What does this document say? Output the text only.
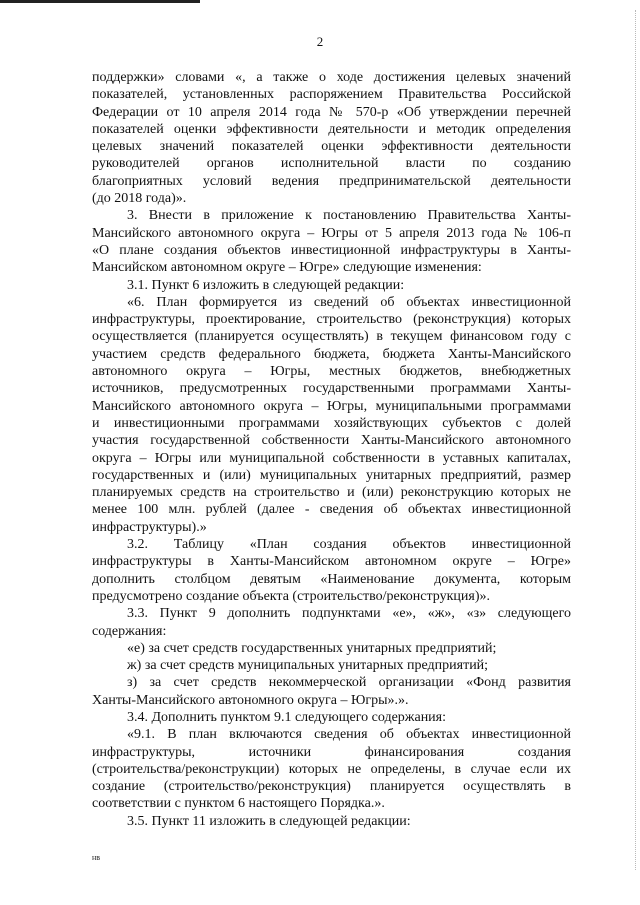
2
поддержки» словами «, а также о ходе достижения целевых значений
показателей, установленных распоряжением Правительства Российской
Федерации от 10 апреля 2014 года № 570-р «Об утверждении перечней
показателей оценки эффективности деятельности и методик определения
целевых значений показателей оценки эффективности деятельности
руководителей органов исполнительной власти по созданию
благоприятных условий ведения предпринимательской деятельности
(до 2018 года)».
3. Внести в приложение к постановлению Правительства Ханты-
Мансийского автономного округа – Югры от 5 апреля 2013 года № 106-п
«О плане создания объектов инвестиционной инфраструктуры в Ханты-
Мансийском автономном округе – Югре» следующие изменения:
3.1. Пункт 6 изложить в следующей редакции:
«6. План формируется из сведений об объектах инвестиционной
инфраструктуры, проектирование, строительство (реконструкция) которых
осуществляется (планируется осуществлять) в текущем финансовом году с
участием средств федерального бюджета, бюджета Ханты-Мансийского
автономного округа – Югры, местных бюджетов, внебюджетных
источников, предусмотренных государственными программами Ханты-
Мансийского автономного округа – Югры, муниципальными программами
и инвестиционными программами хозяйствующих субъектов с долей
участия государственной собственности Ханты-Мансийского автономного
округа – Югры или муниципальной собственности в уставных капиталах,
государственных и (или) муниципальных унитарных предприятий, размер
планируемых средств на строительство и (или) реконструкцию которых не
менее 100 млн. рублей (далее - сведения об объектах инвестиционной
инфраструктуры).»
3.2. Таблицу «План создания объектов инвестиционной
инфраструктуры в Ханты-Мансийском автономном округе – Югре»
дополнить столбцом девятым «Наименование документа, которым
предусмотрено создание объекта (строительство/реконструкция)».
3.3. Пункт 9 дополнить подпунктами «е», «ж», «з» следующего
содержания:
«е) за счет средств государственных унитарных предприятий;
ж) за счет средств муниципальных унитарных предприятий;
з) за счет средств некоммерческой организации «Фонд развития
Ханты-Мансийского автономного округа – Югры».».
3.4. Дополнить пунктом 9.1 следующего содержания:
«9.1. В план включаются сведения об объектах инвестиционной
инфраструктуры, источники финансирования создания
(строительства/реконструкции) которых не определены, в случае если их
создание (строительство/реконструкция) планируется осуществлять в
соответствии с пунктом 6 настоящего Порядка.».
3.5. Пункт 11 изложить в следующей редакции:
нв
